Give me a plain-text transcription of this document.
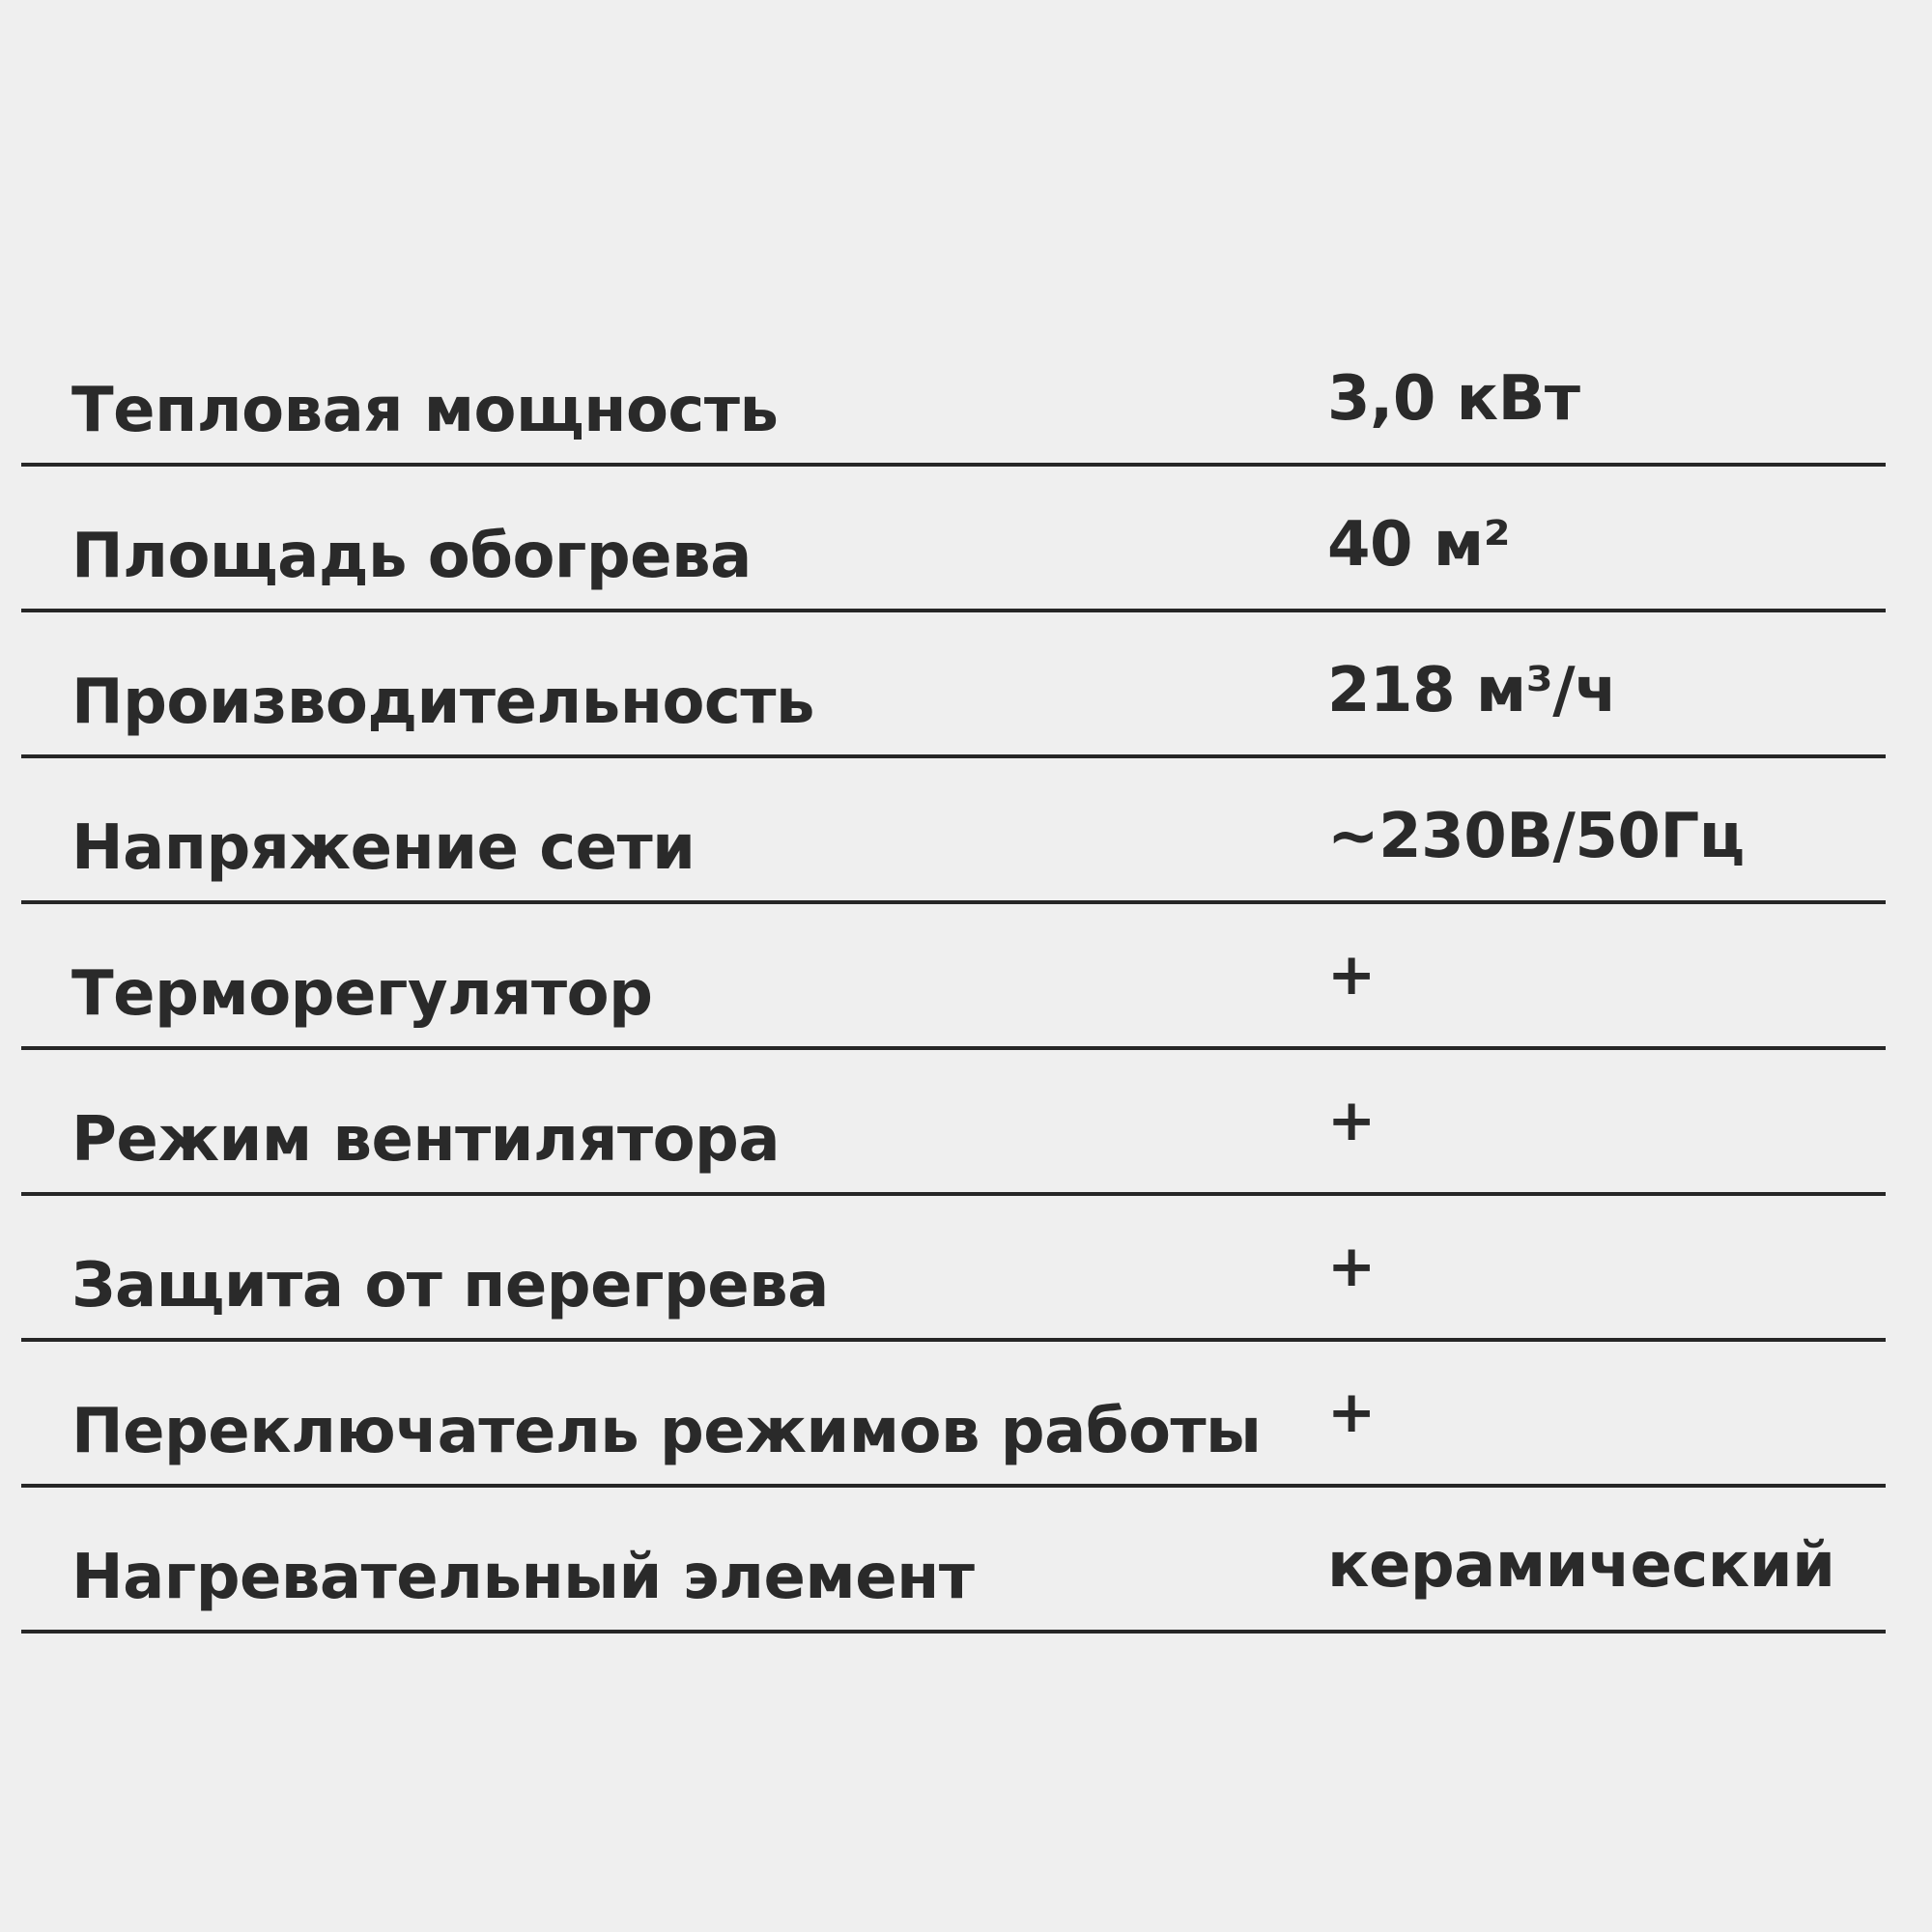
Тепловая мощность	3,0 кВт
Площадь обогрева	40 м²
Производительность	218 м³/ч
Напряжение сети	~230В/50Гц
Терморегулятор	+
Режим вентилятора	+
Защита от перегрева	+
Переключатель режимов работы +
Нагревательный элемент	керамический
